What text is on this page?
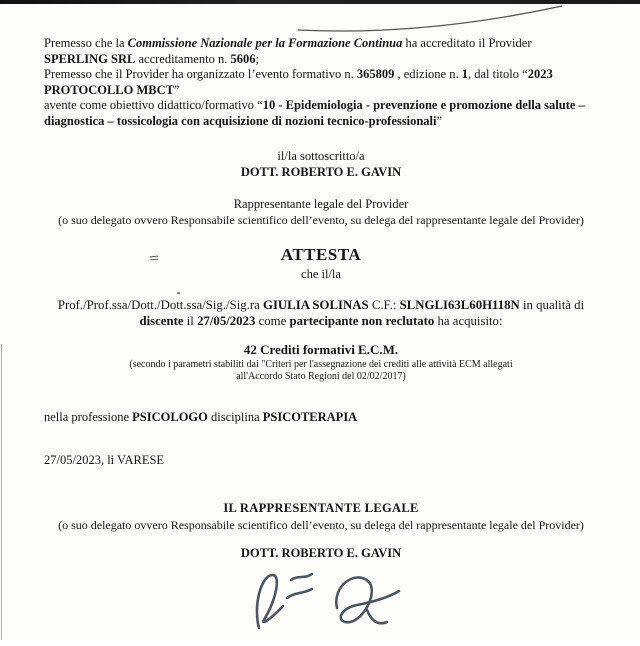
Premesso che la Commissione Nazionale per la Formazione Continua ha accreditato il Provider SPERLING SRL accreditamento n. 5606;

Premesso che il Provider ha organizzato l’evento formativo n. 365809 , edizione n. 1, dal titolo “2023 PROTOCOLLO MBCT”

avente come obiettivo didattico/formativo “10 - Epidemiologia - prevenzione e promozione della salute – diagnostica – tossicologia con acquisizione di nozioni tecnico-professionali”

il/la sottoscritto/a

DOTT. ROBERTO E. GAVIN

Rappresentante legale del Provider

(o suo delegato ovvero Responsabile scientifico dell’evento, su delega del rappresentante legale del Provider)

ATTESTA

che il/la

Prof./Prof.ssa/Dott./Dott.ssa/Sig./Sig.ra GIULIA SOLINAS C.F.: SLNGLI63L60H118N in qualità di discente il 27/05/2023 come partecipante non reclutato ha acquisito:

42 Crediti formativi E.C.M.

(secondo i parametri stabiliti dai "Criteri per l'assegnazione dei crediti alle attività ECM allegati all'Accordo Stato Regioni del 02/02/2017)

nella professione PSICOLOGO disciplina PSICOTERAPIA

27/05/2023, li VARESE

IL RAPPRESENTANTE LEGALE

(o suo delegato ovvero Responsabile scientifico dell’evento, su delega del rappresentante legale del Provider)

DOTT. ROBERTO E. GAVIN
